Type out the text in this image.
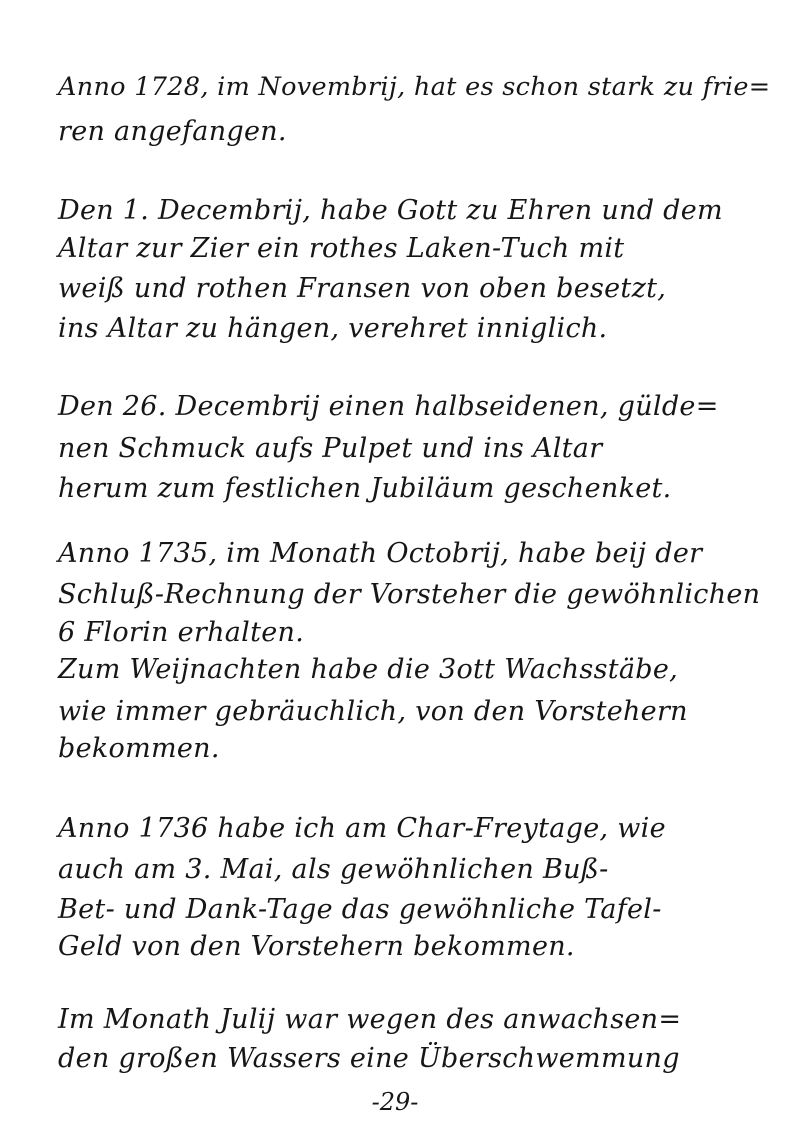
Anno 1728, im Novembrij, hat es schon stark zu frie=
ren angefangen.
Den 1. Decembrij, habe Gott zu Ehren und dem
Altar zur Zier ein rothes Laken-Tuch mit
weiß und rothen Fransen von oben besetzt,
ins Altar zu hängen, verehret inniglich.
Den 26. Decembrij einen halbseidenen, gülde=
nen Schmuck aufs Pulpet und ins Altar
herum zum festlichen Jubiläum geschenket.
Anno 1735, im Monath Octobrij, habe beij der
Schluß-Rechnung der Vorsteher die gewöhnlichen
6 Florin erhalten.
Zum Weijnachten habe die 3ott Wachsstäbe,
wie immer gebräuchlich, von den Vorstehern
bekommen.
Anno 1736 habe ich am Char-Freytage, wie
auch am 3. Mai, als gewöhnlichen Buß-
Bet- und Dank-Tage das gewöhnliche Tafel-
Geld von den Vorstehern bekommen.
Im Monath Julij war wegen des anwachsen=
den großen Wassers eine Überschwemmung
-29-
